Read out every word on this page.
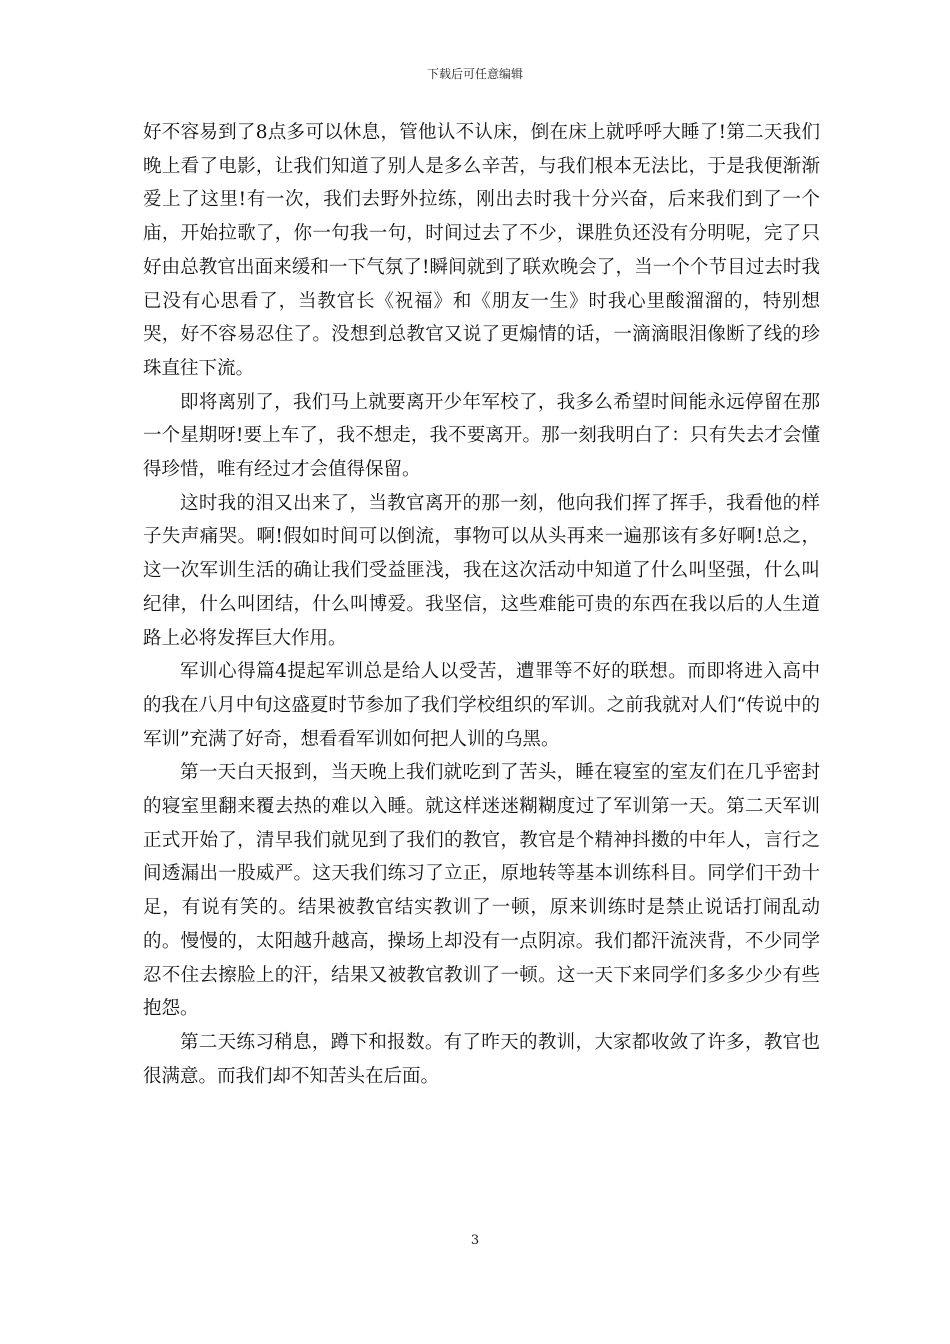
下载后可任意编辑

好不容易到了8点多可以休息，管他认不认床，倒在床上就呼呼大睡了!第二天我们晚上看了电影，让我们知道了别人是多么辛苦，与我们根本无法比，于是我便渐渐爱上了这里!有一次，我们去野外拉练，刚出去时我十分兴奋，后来我们到了一个庙，开始拉歌了，你一句我一句，时间过去了不少，课胜负还没有分明呢，完了只好由总教官出面来缓和一下气氛了!瞬间就到了联欢晚会了，当一个个节目过去时我已没有心思看了，当教官长《祝福》和《朋友一生》时我心里酸溜溜的，特别想哭，好不容易忍住了。没想到总教官又说了更煽情的话，一滴滴眼泪像断了线的珍珠直往下流。

即将离别了，我们马上就要离开少年军校了，我多么希望时间能永远停留在那一个星期呀!要上车了，我不想走，我不要离开。那一刻我明白了：只有失去才会懂得珍惜，唯有经过才会值得保留。

这时我的泪又出来了，当教官离开的那一刻，他向我们挥了挥手，我看他的样子失声痛哭。啊!假如时间可以倒流，事物可以从头再来一遍那该有多好啊!总之，这一次军训生活的确让我们受益匪浅，我在这次活动中知道了什么叫坚强，什么叫纪律，什么叫团结，什么叫博爱。我坚信，这些难能可贵的东西在我以后的人生道路上必将发挥巨大作用。

军训心得篇4提起军训总是给人以受苦，遭罪等不好的联想。而即将进入高中的我在八月中旬这盛夏时节参加了我们学校组织的军训。之前我就对人们“传说中的军训”充满了好奇，想看看军训如何把人训的乌黑。

第一天白天报到，当天晚上我们就吃到了苦头，睡在寝室的室友们在几乎密封的寝室里翻来覆去热的难以入睡。就这样迷迷糊糊度过了军训第一天。第二天军训正式开始了，清早我们就见到了我们的教官，教官是个精神抖擞的中年人，言行之间透漏出一股威严。这天我们练习了立正，原地转等基本训练科目。同学们干劲十足，有说有笑的。结果被教官结实教训了一顿，原来训练时是禁止说话打闹乱动的。慢慢的，太阳越升越高，操场上却没有一点阴凉。我们都汗流浃背，不少同学忍不住去擦脸上的汗，结果又被教官教训了一顿。这一天下来同学们多多少少有些抱怨。

第二天练习稍息，蹲下和报数。有了昨天的教训，大家都收敛了许多，教官也很满意。而我们却不知苦头在后面。

3
